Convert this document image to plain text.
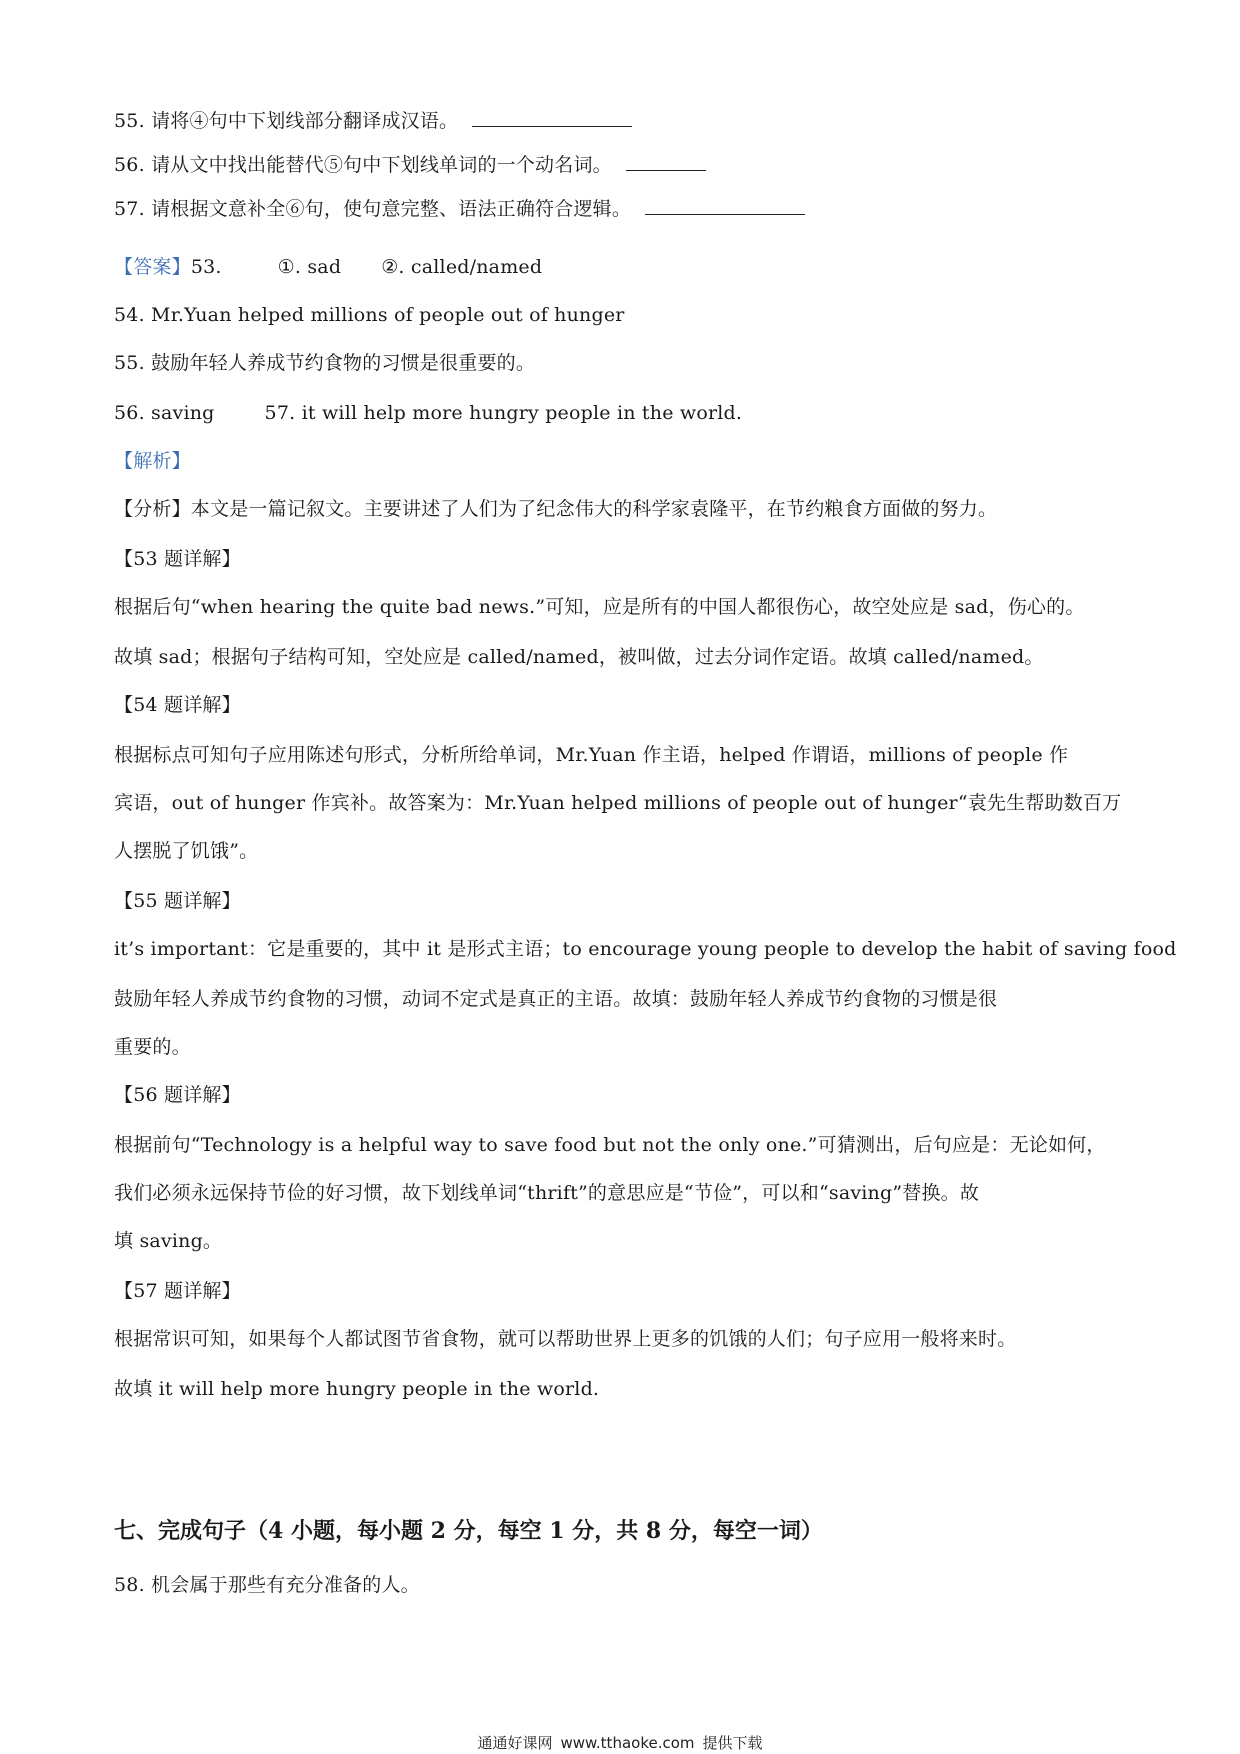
55. 请将④句中下划线部分翻译成汉语。
56. 请从文中找出能替代⑤句中下划线单词的一个动名词。
57. 请根据文意补全⑥句，使句意完整、语法正确符合逻辑。
【答案】53.	①. sad ②. called/named
54. Mr.Yuan helped millions of people out of hunger
55. 鼓励年轻人养成节约食物的习惯是很重要的。
56. saving	57. it will help more hungry people in the world.
【解析】
【分析】本文是一篇记叙文。主要讲述了人们为了纪念伟大的科学家袁隆平，在节约粮食方面做的努力。
【53 题详解】
根据后句“when hearing the quite bad news.”可知，应是所有的中国人都很伤心，故空处应是 sad，伤心的。
故填 sad；根据句子结构可知，空处应是 called/named，被叫做，过去分词作定语。故填 called/named。
【54 题详解】
根据标点可知句子应用陈述句形式，分析所给单词，Mr.Yuan 作主语，helped 作谓语，millions of people 作
宾语，out of hunger 作宾补。故答案为：Mr.Yuan helped millions of people out of hunger“袁先生帮助数百万
人摆脱了饥饿”。
【55 题详解】
it’s important：它是重要的，其中 it 是形式主语；to encourage young people to develop the habit of saving food
鼓励年轻人养成节约食物的习惯，动词不定式是真正的主语。故填：鼓励年轻人养成节约食物的习惯是很
重要的。
【56 题详解】
根据前句“Technology is a helpful way to save food but not the only one.”可猜测出，后句应是：无论如何，
我们必须永远保持节俭的好习惯，故下划线单词“thrift”的意思应是“节俭”，可以和“saving”替换。故
填 saving。
【57 题详解】
根据常识可知，如果每个人都试图节省食物，就可以帮助世界上更多的饥饿的人们；句子应用一般将来时。
故填 it will help more hungry people in the world.
七、完成句子（4 小题，每小题 2 分，每空 1 分，共 8 分，每空一词）
58. 机会属于那些有充分准备的人。
通通好课网 www.tthaoke.com 提供下载
